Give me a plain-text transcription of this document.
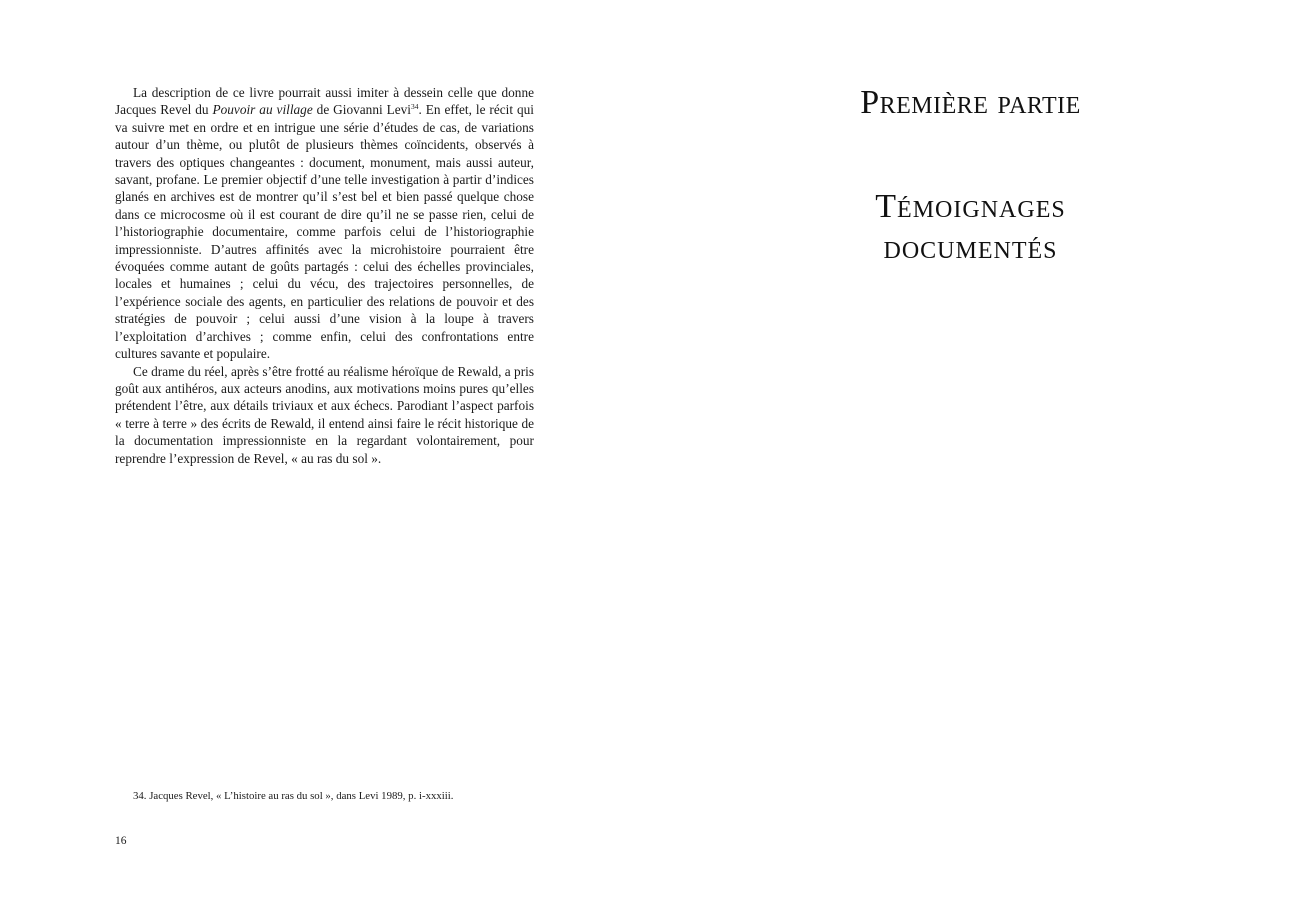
La description de ce livre pourrait aussi imiter à dessein celle que donne Jacques Revel du Pouvoir au village de Giovanni Levi$^{34}$. En effet, le récit qui va suivre met en ordre et en intrigue une série d’études de cas, de variations autour d’un thème, ou plutôt de plusieurs thèmes coïncidents, observés à travers des optiques changeantes : document, monument, mais aussi auteur, savant, profane. Le premier objectif d’une telle investigation à partir d’indices glanés en archives est de montrer qu’il s’est bel et bien passé quelque chose dans ce microcosme où il est courant de dire qu’il ne se passe rien, celui de l’historiographie documentaire, comme parfois celui de l’historiographie impressionniste. D’autres affinités avec la microhistoire pourraient être évoquées comme autant de goûts partagés : celui des échelles provinciales, locales et humaines ; celui du vécu, des trajectoires personnelles, de l’expérience sociale des agents, en particulier des relations de pouvoir et des stratégies de pouvoir ; celui aussi d’une vision à la loupe à travers l’exploitation d’archives ; comme enfin, celui des confrontations entre cultures savante et populaire.

Ce drame du réel, après s’être frotté au réalisme héroïque de Rewald, a pris goût aux antihéros, aux acteurs anodins, aux motivations moins pures qu’elles prétendent l’être, aux détails triviaux et aux échecs. Parodiant l’aspect parfois « terre à terre » des écrits de Rewald, il entend ainsi faire le récit historique de la documentation impressionniste en la regardant volontairement, pour reprendre l’expression de Revel, « au ras du sol ».

34. Jacques Revel, « L’histoire au ras du sol », dans Levi 1989, p. i-xxxiii.
16
Première partie
Témoignages
documentés
